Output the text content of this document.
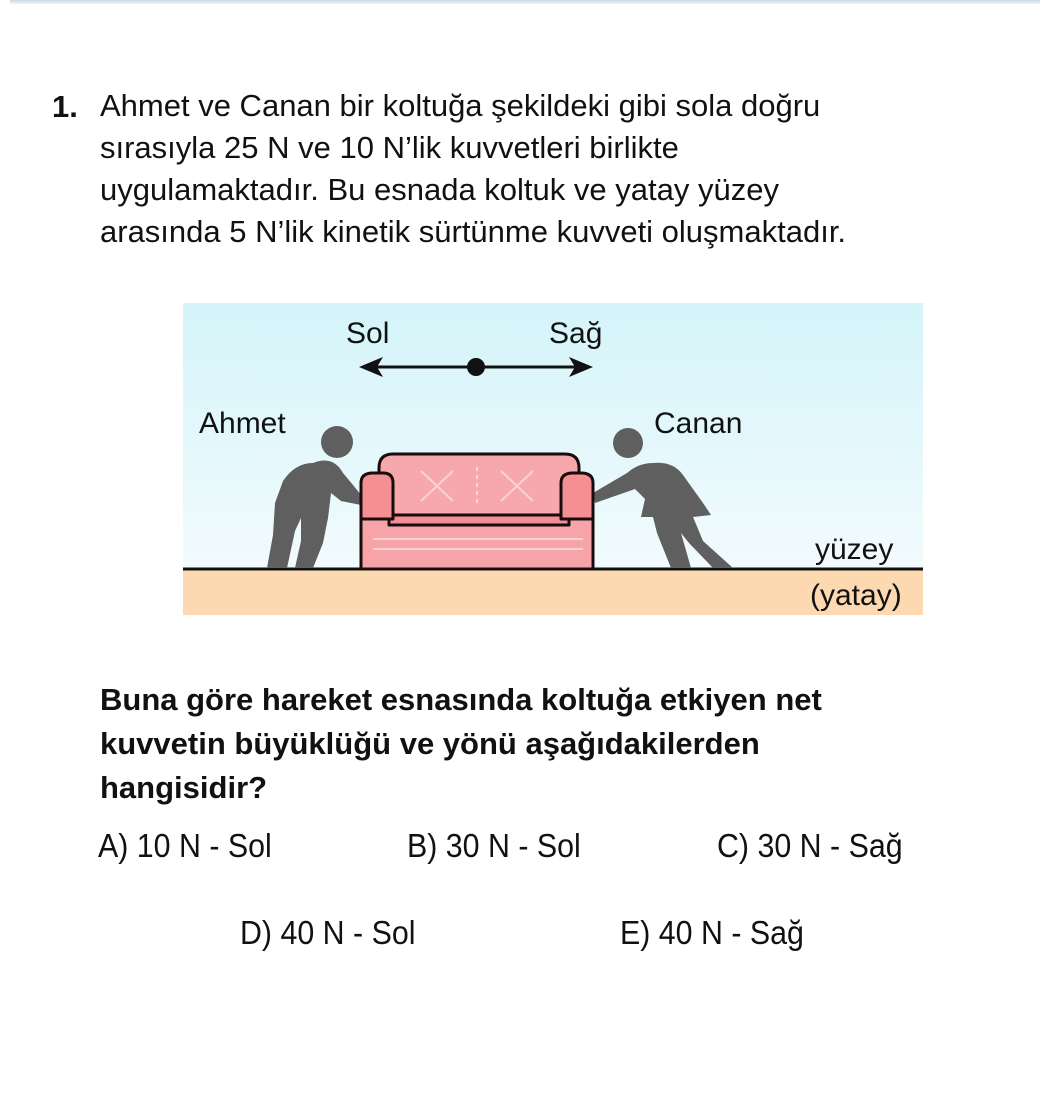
1. Ahmet ve Canan bir koltuğa şekildeki gibi sola doğru
sırasıyla 25 N ve 10 N’lik kuvvetleri birlikte
uygulamaktadır. Bu esnada koltuk ve yatay yüzey
arasında 5 N’lik kinetik sürtünme kuvveti oluşmaktadır.

Sol	Sağ
Ahmet	Canan
yüzey
(yatay)

Buna göre hareket esnasında koltuğa etkiyen net
kuvvetin büyüklüğü ve yönü aşağıdakilerden
hangisidir?

A) 10 N - Sol	B) 30 N - Sol	C) 30 N - Sağ
D) 40 N - Sol	E) 40 N - Sağ
